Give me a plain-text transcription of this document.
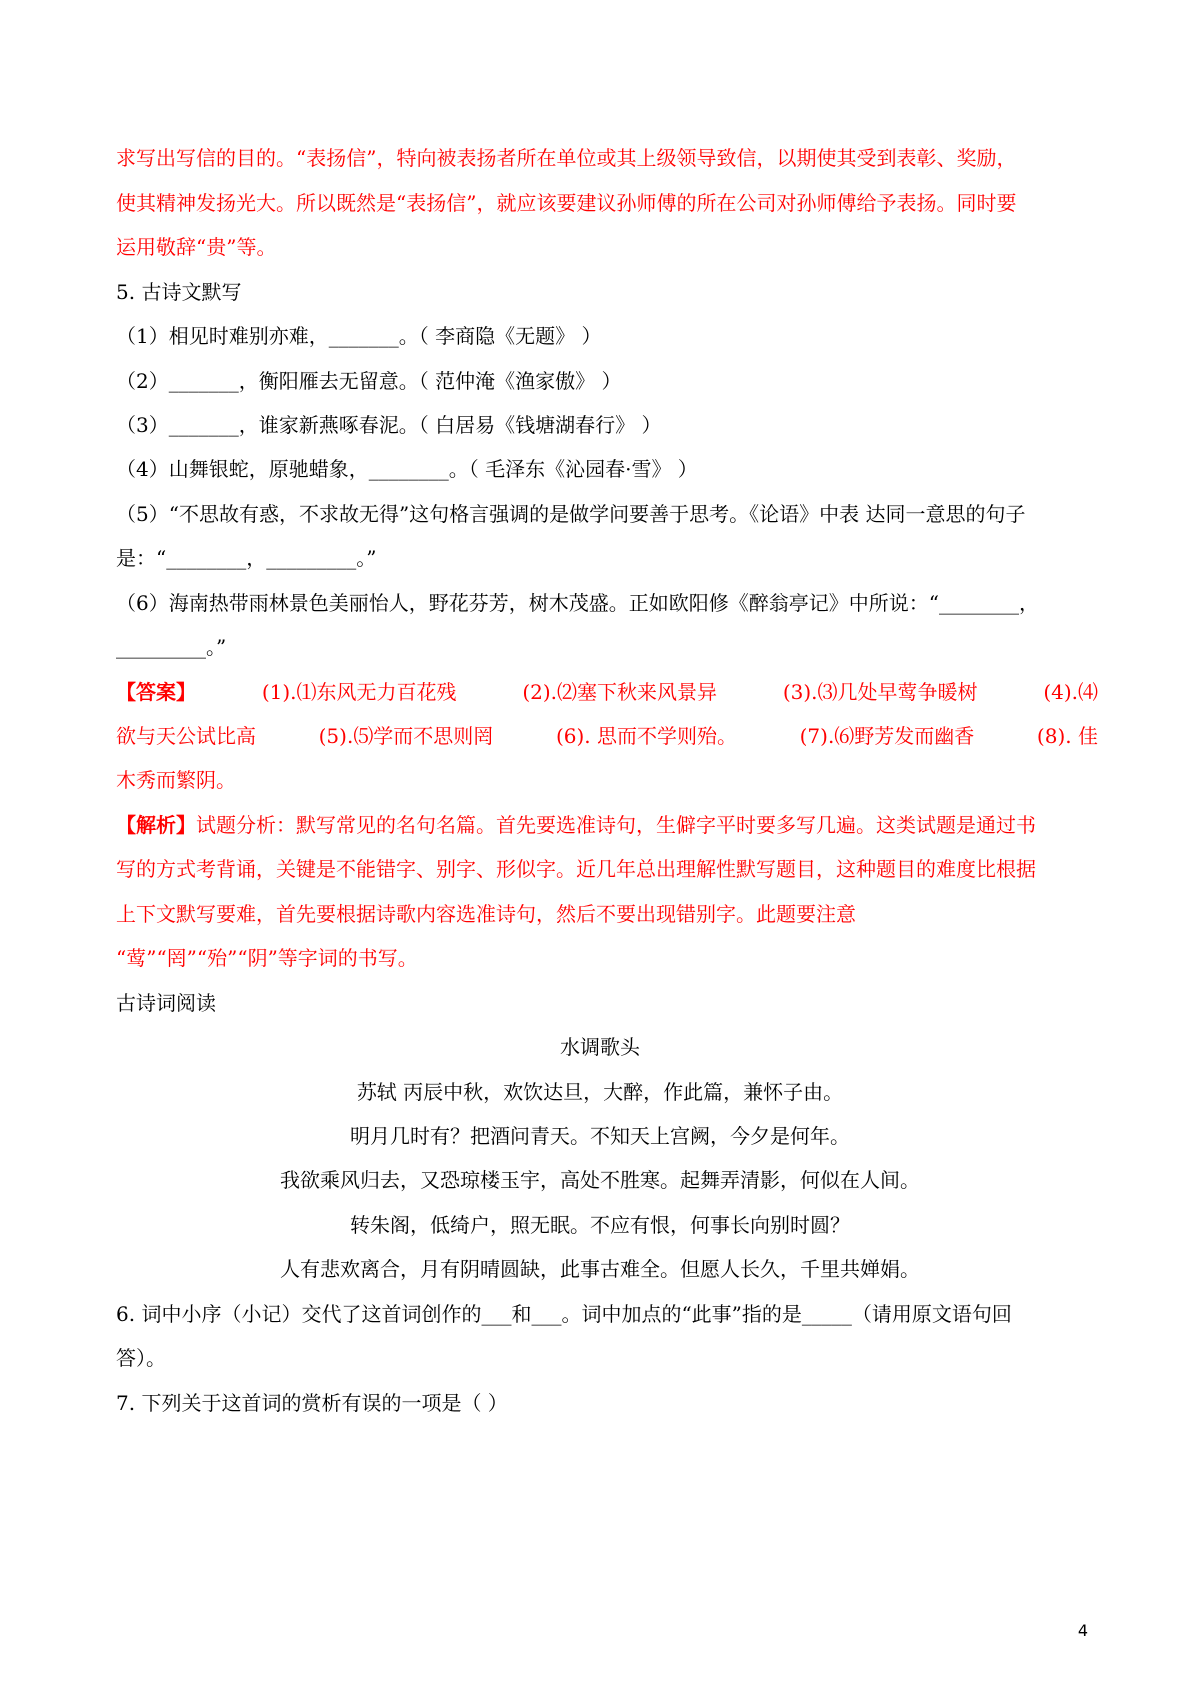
求写出写信的目的。“表扬信”，特向被表扬者所在单位或其上级领导致信，以期使其受到表彰、奖励，
使其精神发扬光大。所以既然是“表扬信”，就应该要建议孙师傅的所在公司对孙师傅给予表扬。同时要
运用敬辞“贵”等。
5. 古诗文默写
（1）相见时难别亦难，_______。（ 李商隐《无题》 ）
（2）_______，衡阳雁去无留意。（ 范仲淹《渔家傲》 ）
（3）_______，谁家新燕啄春泥。（ 白居易《钱塘湖春行》 ）
（4）山舞银蛇，原驰蜡象，________。（ 毛泽东《沁园春·雪》 ）
（5）“不思故有惑，不求故无得”这句格言强调的是做学问要善于思考。《论语》中表 达同一意思的句子
是：“________，_________。”
（6）海南热带雨林景色美丽怡人，野花芬芳，树木茂盛。正如欧阳修《醉翁亭记》中所说：“________，
_________。”
【答案】	(1).⑴东风无力百花残	(2).⑵塞下秋来风景异	(3).⑶几处早莺争暖树	(4).⑷
欲与天公试比高	(5).⑸学而不思则罔	(6). 思而不学则殆。	(7).⑹野芳发而幽香	(8). 佳
木秀而繁阴。
【解析】试题分析：默写常见的名句名篇。首先要选准诗句，生僻字平时要多写几遍。这类试题是通过书
写的方式考背诵，关键是不能错字、别字、形似字。近几年总出理解性默写题目，这种题目的难度比根据
上下文默写要难，首先要根据诗歌内容选准诗句，然后不要出现错别字。此题要注意
“莺”“罔”“殆”“阴”等字词的书写。
古诗词阅读
水调歌头
苏轼 丙辰中秋，欢饮达旦，大醉，作此篇，兼怀子由。
明月几时有？把酒问青天。不知天上宫阙，今夕是何年。
我欲乘风归去，又恐琼楼玉宇，高处不胜寒。起舞弄清影，何似在人间。
转朱阁，低绮户，照无眠。不应有恨，何事长向别时圆？
人有悲欢离合，月有阴晴圆缺，此事古难全。但愿人长久，千里共婵娟。
6. 词中小序（小记）交代了这首词创作的___和___。词中加点的“此事”指的是_____（请用原文语句回
答）。
7. 下列关于这首词的赏析有误的一项是（ ）
4
